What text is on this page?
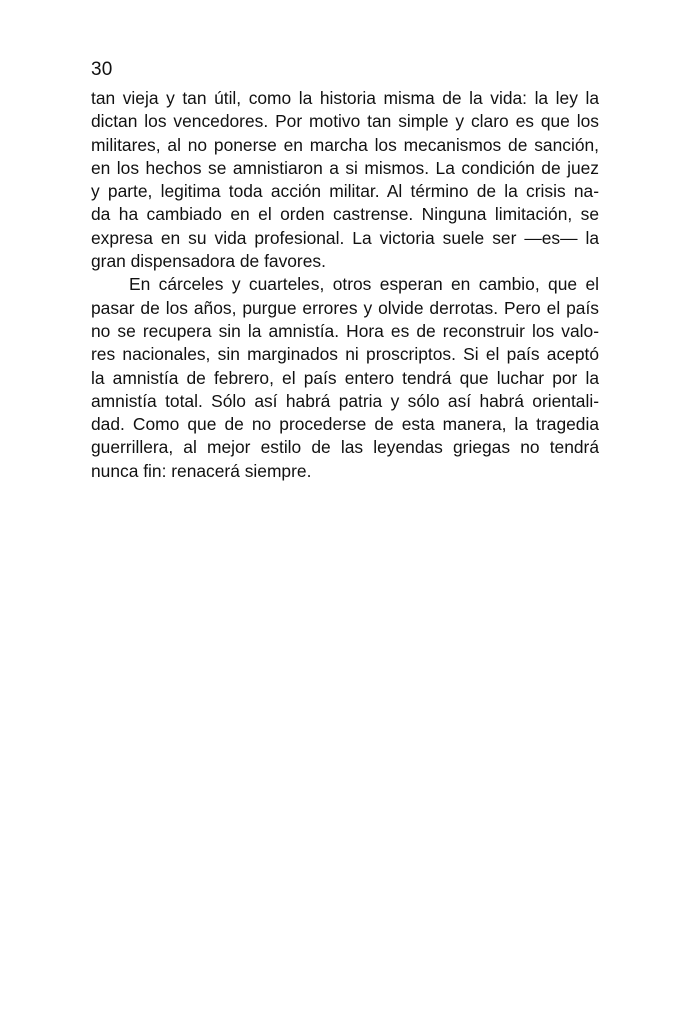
30
tan vieja y tan útil, como la historia misma de la vida: la ley la
dictan los vencedores. Por motivo tan simple y claro es que los
militares, al no ponerse en marcha los mecanismos de sanción,
en los hechos se amnistiaron a si mismos. La condición de juez
y parte, legitima toda acción militar. Al término de la crisis na-
da ha cambiado en el orden castrense. Ninguna limitación, se
expresa en su vida profesional. La victoria suele ser —es— la
gran dispensadora de favores.
En cárceles y cuarteles, otros esperan en cambio, que el
pasar de los años, purgue errores y olvide derrotas. Pero el país
no se recupera sin la amnistía. Hora es de reconstruir los valo-
res nacionales, sin marginados ni proscriptos. Si el país aceptó
la amnistía de febrero, el país entero tendrá que luchar por la
amnistía total. Sólo así habrá patria y sólo así habrá orientali-
dad. Como que de no procederse de esta manera, la tragedia
guerrillera, al mejor estilo de las leyendas griegas no tendrá
nunca fin: renacerá siempre.
